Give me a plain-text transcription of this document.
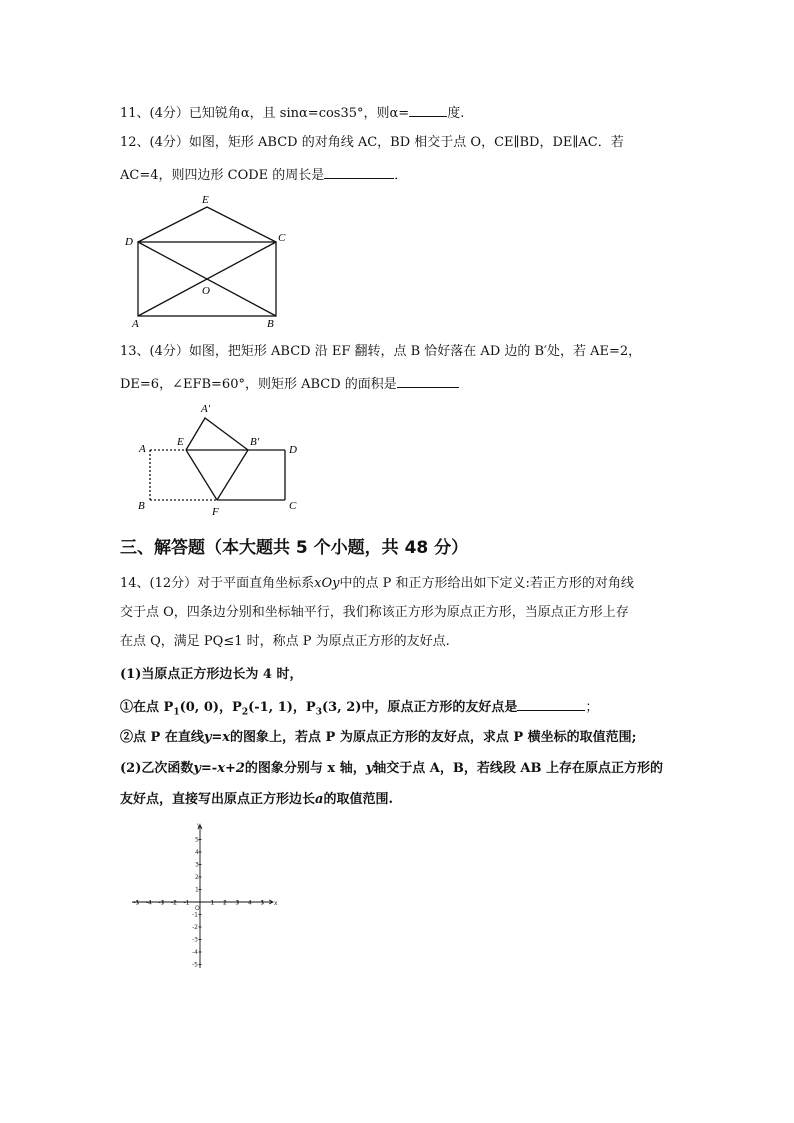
11、(4分）已知锐角α，且 sinα=cos35°，则α=	度.
12、(4分）如图，矩形 ABCD 的对角线 AC，BD 相交于点 O，CE∥BD，DE∥AC．若
AC=4，则四边形 CODE 的周长是	．
E
D	C
O
A	B
A′
A
E	B′
D
B	F	C
x
y
O
-5 -4 -3 -2 -1	1 2 3 4 5
5
4
3
2
1
-1
-2
-3
-4
-5
13、(4分）如图，把矩形 ABCD 沿 EF 翻转，点 B 恰好落在 AD 边的 B′处，若 AE=2，
DE=6，∠EFB=60°，则矩形 ABCD 的面积是
三、解答题（本大题共 5 个小题，共 48 分）
14、(12分）对于平面直角坐标系xOy中的点 P 和正方形给出如下定义:若正方形的对角线
交于点 O，四条边分别和坐标轴平行，我们称该正方形为原点正方形，当原点正方形上存
在点 Q，满足 PQ≤1 时，称点 P 为原点正方形的友好点.
(1)当原点正方形边长为 4 时，
①在点 $P_1(0$, 0)，$P_2(-1$, 1)，$P_3(3$, 2)中，原点正方形的友好点是	；
②点 P 在直线y=x的图象上，若点 P 为原点正方形的友好点，求点 P 横坐标的取值范围;
(2)乙次函数y=-x+2的图象分别与 x 轴，y轴交于点 A，B，若线段 AB 上存在原点正方形的
友好点，直接写出原点正方形边长a的取值范围.
